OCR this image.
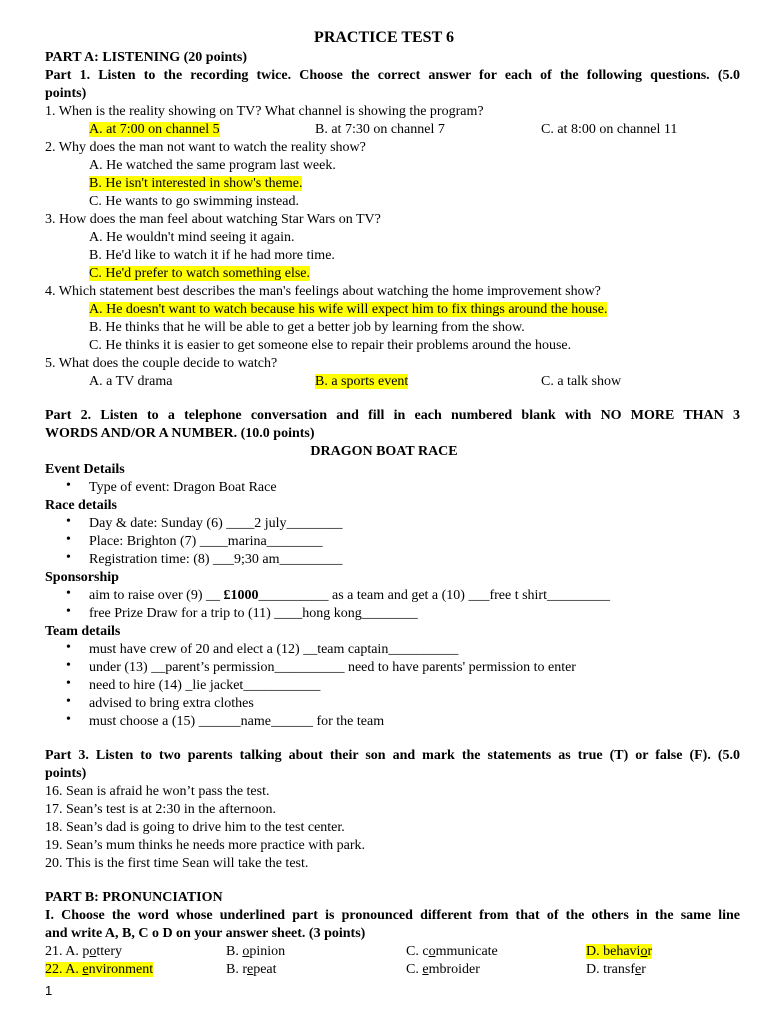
PRACTICE TEST 6
PART A: LISTENING (20 points)
Part 1. Listen to the recording twice. Choose the correct answer for each of the following questions. (5.0
points)
1. When is the reality showing on TV? What channel is showing the program?
A. at 7:00 on channel 5	B. at 7:30 on channel 7	C. at 8:00 on channel 11
2. Why does the man not want to watch the reality show?
A. He watched the same program last week.
B. He isn't interested in show's theme.
C. He wants to go swimming instead.
3. How does the man feel about watching Star Wars on TV?
A. He wouldn't mind seeing it again.
B. He'd like to watch it if he had more time.
C. He'd prefer to watch something else.
4. Which statement best describes the man's feelings about watching the home improvement show?
A. He doesn't want to watch because his wife will expect him to fix things around the house.
B. He thinks that he will be able to get a better job by learning from the show.
C. He thinks it is easier to get someone else to repair their problems around the house.
5. What does the couple decide to watch?
A. a TV drama	B. a sports event	C. a talk show
Part 2. Listen to a telephone conversation and fill in each numbered blank with NO MORE THAN 3
WORDS AND/OR A NUMBER. (10.0 points)
DRAGON BOAT RACE
Event Details
• Type of event: Dragon Boat Race
Race details
• Day & date: Sunday (6) ____2 july________
• Place: Brighton (7) ____marina________
• Registration time: (8) ___9;30 am_________
Sponsorship
• aim to raise over (9) __ £1000__________ as a team and get a (10) ___free t shirt_________
• free Prize Draw for a trip to (11) ____hong kong________
Team details
• must have crew of 20 and elect a (12) __team captain__________
• under (13) __parent’s permission__________ need to have parents' permission to enter
• need to hire (14) _lie jacket___________
• advised to bring extra clothes
• must choose a (15) ______name______ for the team
Part 3. Listen to two parents talking about their son and mark the statements as true (T) or false (F). (5.0
points)
16. Sean is afraid he won’t pass the test.
17. Sean’s test is at 2:30 in the afternoon.
18. Sean’s dad is going to drive him to the test center.
19. Sean’s mum thinks he needs more practice with park.
20. This is the first time Sean will take the test.
PART B: PRONUNCIATION
I. Choose the word whose underlined part is pronounced different from that of the others in the same line
and write A, B, C o D on your answer sheet. (3 points)
21. A. pottery	B. opinion	C. communicate	D. behavior
22. A. environment	B. repeat	C. embroider	D. transfer
1
